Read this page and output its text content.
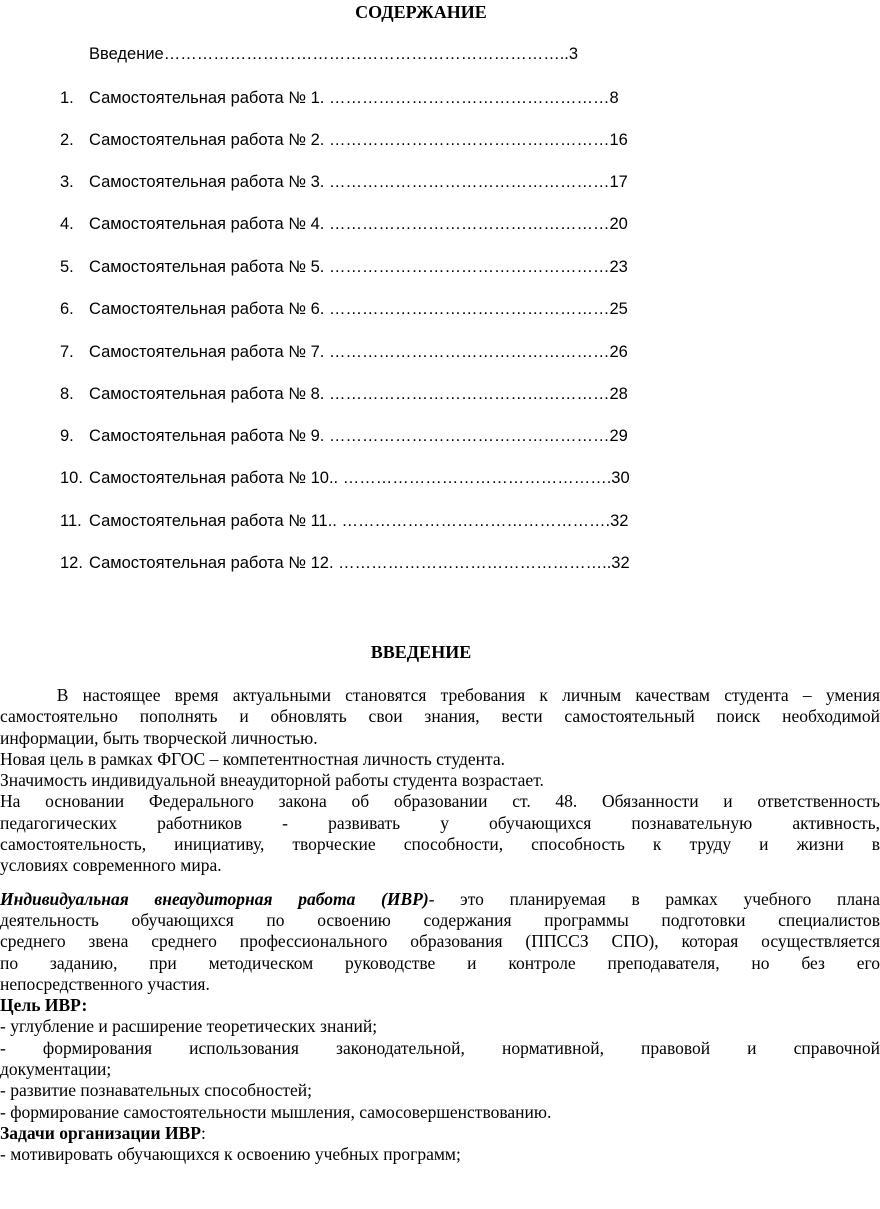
СОДЕРЖАНИЕ
Введение………………………………………………………………..3
1. Самостоятельная работа № 1. ……………………………………………8
2. Самостоятельная работа № 2. ……………………………………………16
3. Самостоятельная работа № 3. ……………………………………………17
4. Самостоятельная работа № 4. ……………………………………………20
5. Самостоятельная работа № 5. ……………………………………………23
6. Самостоятельная работа № 6. ……………………………………………25
7. Самостоятельная работа № 7. ……………………………………………26
8. Самостоятельная работа № 8. ……………………………………………28
9. Самостоятельная работа № 9. ……………………………………………29
10. Самостоятельная работа № 10.. ………………………………………….30
11. Самостоятельная работа № 11.. ………………………………………….32
12. Самостоятельная работа № 12. …………………………………………..32
ВВЕДЕНИЕ

В настоящее время актуальными становятся требования к личным качествам студента – умения

самостоятельно пополнять и обновлять свои знания, вести самостоятельный поиск необходимой

информации, быть творческой личностью.

Новая цель в рамках ФГОС – компетентностная личность студента.

Значимость индивидуальной внеаудиторной работы студента возрастает.

На основании Федерального закона об образовании ст. 48. Обязанности и ответственность

педагогических работников - развивать у обучающихся познавательную активность,

самостоятельность, инициативу, творческие способности, способность к труду и жизни в

условиях современного мира.

Индивидуальная внеаудиторная работа (ИВР)- это планируемая в рамках учебного плана

деятельность обучающихся по освоению содержания программы подготовки специалистов

среднего звена среднего профессионального образования (ППССЗ СПО), которая осуществляется

по заданию, при методическом руководстве и контроле преподавателя, но без его

непосредственного участия.

Цель ИВР:

- углубление и расширение теоретических знаний;

- формирования использования законодательной, нормативной, правовой и справочной

документации;

- развитие познавательных способностей;

- формирование самостоятельности мышления, самосовершенствованию.

Задачи организации ИВР:

- мотивировать обучающихся к освоению учебных программ;
